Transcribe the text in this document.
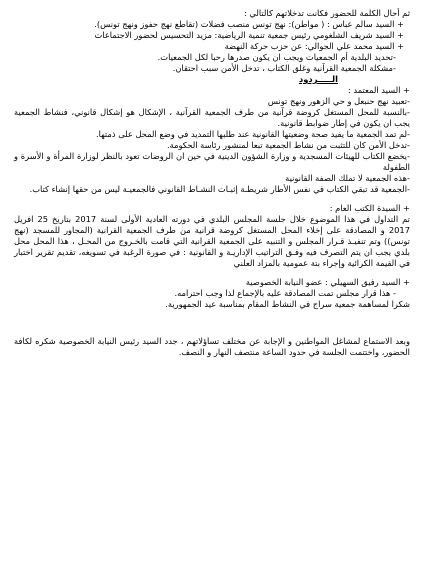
ثم أحال الكلمة للحضور فكانت تدخلاتهم كالتالي :
+ السيد سالم عباس : ( مواطن): نهج تونس منصب فضلات (تقاطع نهج حفوز ونهج تونس).
+ السيد شريف الشلغومي رئيس جمعية تنمية الرياضية: مزيد التحسيس لحضور الاجتماعات
+ السيد محمد علي الجوالي: عن حزب حركة النهضة
-تحديد البلدية أم الجمعيات ويجب ان يكون صدرها رحبا لكل الجمعيات.
-مشكلة الجمعية القرآنية وغلق الكتاب ، تدخل الأمن سبب احتقان.
الـــــردود
+ السيد المعتمد :
-تعبيد نهج حنبعل و حي الزهور ونهج تونس
-بالنسبة للمحل المستغل كروضة قرآنية من طرف الجمعية القرآنية ، الإشكال هو إشكال قانوني، فنشاط الجمعية يجب ان يكون في إطار ضوابط قانونية.
-لم تمد الجمعية ما يفيد صحة وضعيتها القانونية عند طلبها التمديد في وضع المحل على ذمتها.
-تدخل الأمن كان للتثبت من نشاط الجمعية تبعا لمنشور رئاسة الحكومة.
-يخضع الكتاب للهيئات المسجدية و وزارة الشؤون الدينية في حين ان الروضات تعود بالنظر لوزارة المرأة و الأسرة و الطفولة
-هذه الجمعية لا تملك الصفة القانونية
-الجمعية قد تبقي الكتاب في نفس الأطار شريطـة إثبـات النشـاط القانوني فالجمعيـة ليس من حقها إنشاء كتاب.
+ السيدة الكتب العام :
تم التداول في هذا الموضوع خلال جلسة المجلس البلدي في دورته العادية الأولى لسنة 2017 بتاريخ 25 افريل 2017 و المصادقة على إخلاء المحل المستغل كروضة قرانية من طرف الجمعية القرانية (المجاور للمسجد (نهج تونس)) وتم تنفيـذ قـرار المجلس و التنبيه على الجمعية القرانية التي قامت بالخـروج من المحـل ، هذا المحل محل بلدي يجب ان يتم التصرف فيه وفـق التراتيب الإداريـة و القانونية : في صورة الرغبة في تسويغه، تقديم تقرير اختبار في القيمة الكرائية وإجراء بتة عمومية بالمزاد العلني
+ السيد رفيق السهيلي : عضو النيابة الخصوصية
- هذا قرار مجلس تمت المصادقة عليه بالإجماع لذا وجب احترامه.
شكرا لمساهمة جمعية سراج في النشاط المقام بمناسبة عيد الجمهورية.
وبعد الاستماع لمشاغل المواطنين و الإجابة عن مختلف تساؤلاتهم ، جدد السيد رئيس النيابة الخصوصية شكره لكافة الحضور، واختتمت الجلسة في حدود الساعة منتصف النهار و النصف.
